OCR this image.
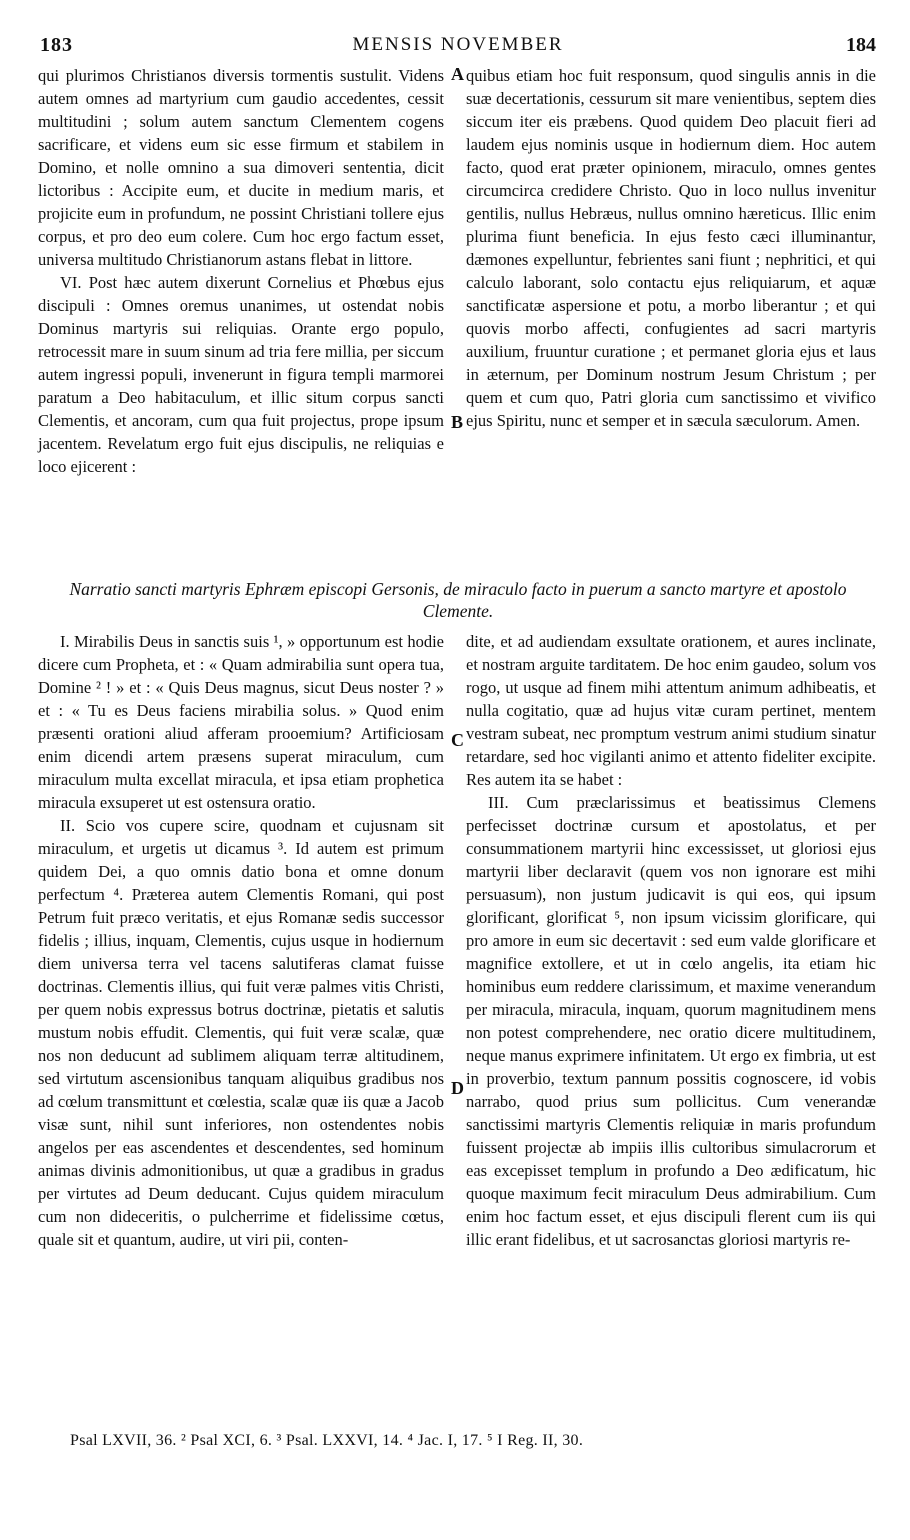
183	MENSIS NOVEMBER	184

qui plurimos Christianos diversis tormentis sustulit. Videns autem omnes ad martyrium cum gaudio accedentes, cessit multitudini ; solum autem sanctum Clementem cogens sacrificare, et videns eum sic esse firmum et stabilem in Domino, et nolle omnino a sua dimoveri sententia, dicit lictoribus : Accipite eum, et ducite in medium maris, et projicite eum in profundum, ne possint Christiani tollere ejus corpus, et pro deo eum colere. Cum hoc ergo factum esset, universa multitudo Christianorum astans flebat in littore.

VI. Post hæc autem dixerunt Cornelius et Phœbus ejus discipuli : Omnes oremus unanimes, ut ostendat nobis Dominus martyris sui reliquias. Orante ergo populo, retrocessit mare in suum sinum ad tria fere millia, per siccum autem ingressi populi, invenerunt in figura templi marmorei paratum a Deo habitaculum, et illic situm corpus sancti Clementis, et ancoram, cum qua fuit projectus, prope ipsum jacentem. Revelatum ergo fuit ejus discipulis, ne reliquias e loco ejicerent :

quibus etiam hoc fuit responsum, quod singulis annis in die suæ decertationis, cessurum sit mare venientibus, septem dies siccum iter eis præbens. Quod quidem Deo placuit fieri ad laudem ejus nominis usque in hodiernum diem. Hoc autem facto, quod erat præter opinionem, miraculo, omnes gentes circumcirca credidere Christo. Quo in loco nullus invenitur gentilis, nullus Hebræus, nullus omnino hæreticus. Illic enim plurima fiunt beneficia. In ejus festo cæci illuminantur, dæmones expelluntur, febrientes sani fiunt ; nephritici, et qui calculo laborant, solo contactu ejus reliquiarum, et aquæ sanctificatæ aspersione et potu, a morbo liberantur ; et qui quovis morbo affecti, confugientes ad sacri martyris auxilium, fruuntur curatione ; et permanet gloria ejus et laus in æternum, per Dominum nostrum Jesum Christum ; per quem et cum quo, Patri gloria cum sanctissimo et vivifico ejus Spiritu, nunc et semper et in sæcula sæculorum. Amen.

A
B
Narratio sancti martyris Ephræm episcopi Gersonis, de miraculo facto in puerum a sancto martyre et apostolo Clemente.

I. Mirabilis Deus in sanctis suis ¹, » opportunum est hodie dicere cum Propheta, et : « Quam admirabilia sunt opera tua, Domine ² ! » et : « Quis Deus magnus, sicut Deus noster ? » et : « Tu es Deus faciens mirabilia solus. » Quod enim præsenti orationi aliud afferam prooemium? Artificiosam enim dicendi artem præsens superat miraculum, cum miraculum multa excellat miracula, et ipsa etiam prophetica miracula exsuperet ut est ostensura oratio.

II. Scio vos cupere scire, quodnam et cujusnam sit miraculum, et urgetis ut dicamus ³. Id autem est primum quidem Dei, a quo omnis datio bona et omne donum perfectum ⁴. Præterea autem Clementis Romani, qui post Petrum fuit præco veritatis, et ejus Romanæ sedis successor fidelis ; illius, inquam, Clementis, cujus usque in hodiernum diem universa terra vel tacens salutiferas clamat fuisse doctrinas. Clementis illius, qui fuit veræ palmes vitis Christi, per quem nobis expressus botrus doctrinæ, pietatis et salutis mustum nobis effudit. Clementis, qui fuit veræ scalæ, quæ nos non deducunt ad sublimem aliquam terræ altitudinem, sed virtutum ascensionibus tanquam aliquibus gradibus nos ad cœlum transmittunt et cœlestia, scalæ quæ iis quæ a Jacob visæ sunt, nihil sunt inferiores, non ostendentes nobis angelos per eas ascendentes et descendentes, sed hominum animas divinis admonitionibus, ut quæ a gradibus in gradus per virtutes ad Deum deducant. Cujus quidem miraculum cum non dideceritis, o pulcherrime et fidelissime cœtus, quale sit et quantum, audire, ut viri pii, conten-

dite, et ad audiendam exsultate orationem, et aures inclinate, et nostram arguite tarditatem. De hoc enim gaudeo, solum vos rogo, ut usque ad finem mihi attentum animum adhibeatis, et nulla cogitatio, quæ ad hujus vitæ curam pertinet, mentem vestram subeat, nec promptum vestrum animi studium sinatur retardare, sed hoc vigilanti animo et attento fideliter excipite. Res autem ita se habet :

III. Cum præclarissimus et beatissimus Clemens perfecisset doctrinæ cursum et apostolatus, et per consummationem martyrii hinc excessisset, ut gloriosi ejus martyrii liber declaravit (quem vos non ignorare est mihi persuasum), non justum judicavit is qui eos, qui ipsum glorificant, glorificat ⁵, non ipsum vicissim glorificare, qui pro amore in eum sic decertavit : sed eum valde glorificare et magnifice extollere, et ut in cœlo angelis, ita etiam hic hominibus eum reddere clarissimum, et maxime venerandum per miracula, miracula, inquam, quorum magnitudinem mens non potest comprehendere, nec oratio dicere multitudinem, neque manus exprimere infinitatem. Ut ergo ex fimbria, ut est in proverbio, textum pannum possitis cognoscere, id vobis narrabo, quod prius sum pollicitus. Cum venerandæ sanctissimi martyris Clementis reliquiæ in maris profundum fuissent projectæ ab impiis illis cultoribus simulacrorum et eas excepisset templum in profundo a Deo ædificatum, hic quoque maximum fecit miraculum Deus admirabilium. Cum enim hoc factum esset, et ejus discipuli flerent cum iis qui illic erant fidelibus, et ut sacrosanctas gloriosi martyris re-

C
D
Psal LXVII, 36. ² Psal XCI, 6. ³ Psal. LXXVI, 14. ⁴ Jac. I, 17. ⁵ I Reg. II, 30.
